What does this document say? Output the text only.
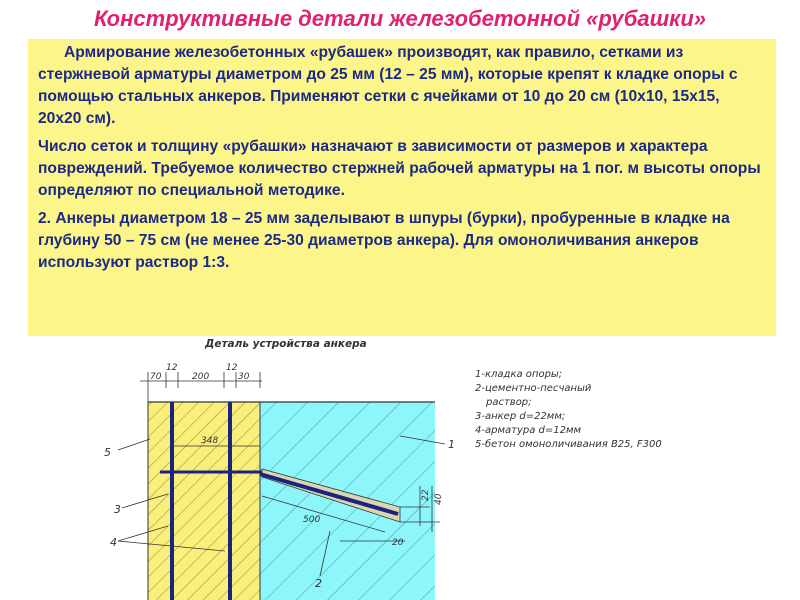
Конструктивные детали железобетонной «рубашки»

Армирование железобетонных «рубашек» производят, как правило, сетками из стержневой арматуры диаметром до 25 мм (12 – 25 мм), которые крепят к кладке опоры с помощью стальных анкеров. Применяют сетки с ячейками от 10 до 20 см (10х10, 15х15, 20х20 см).

Число сеток и толщину «рубашки» назначают в зависимости от размеров и характера повреждений. Требуемое количество стержней рабочей арматуры на 1 пог. м высоты опоры определяют по специальной методике.

2. Анкеры диаметром 18 – 25 мм заделывают в шпуры (бурки), пробуренные в кладке на глубину 50 – 75 см (не менее 25-30 диаметров анкера). Для омоноличивания анкеров используют раствор 1:3.

Деталь устройства анкера
70
12
200
12
30
348
500
20
22 40
1
2
3
4
5
1-кладка опоры;
2-цементно-песчаный
раствор;
3-анкер d=22мм;
4-арматура d=12мм
5-бетон омоноличивания В25, F300
